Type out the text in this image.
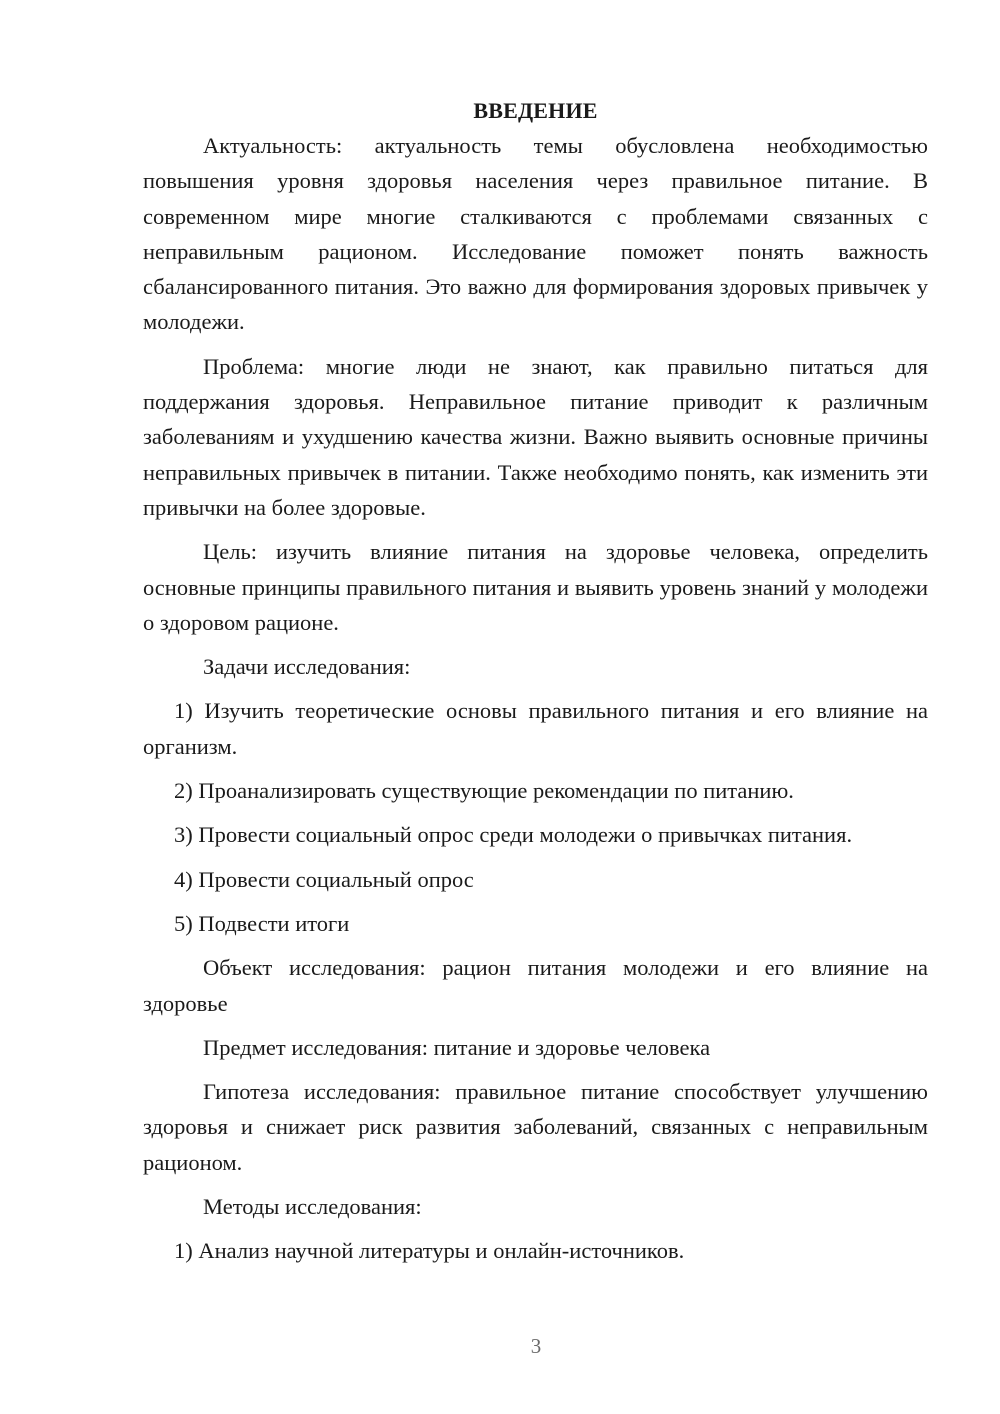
ВВЕДЕНИЕ
Актуальность: актуальность темы обусловлена необходимостью повышения уровня здоровья населения через правильное питание. В современном мире многие сталкиваются с проблемами связанных с неправильным рационом. Исследование поможет понять важность сбалансированного питания. Это важно для формирования здоровых привычек у молодежи.
Проблема: многие люди не знают, как правильно питаться для поддержания здоровья. Неправильное питание приводит к различным заболеваниям и ухудшению качества жизни. Важно выявить основные причины неправильных привычек в питании. Также необходимо понять, как изменить эти привычки на более здоровые.
Цель: изучить влияние питания на здоровье человека, определить основные принципы правильного питания и выявить уровень знаний у молодежи о здоровом рационе.
Задачи исследования:
1) Изучить теоретические основы правильного питания и его влияние на организм.
2) Проанализировать существующие рекомендации по питанию.
3) Провести социальный опрос среди молодежи о привычках питания.
4) Провести социальный опрос
5) Подвести итоги
Объект исследования: рацион питания молодежи и его влияние на здоровье
Предмет исследования: питание и здоровье человека
Гипотеза исследования: правильное питание способствует улучшению здоровья и снижает риск развития заболеваний, связанных с неправильным рационом.
Методы исследования:
1) Анализ научной литературы и онлайн-источников.
3
